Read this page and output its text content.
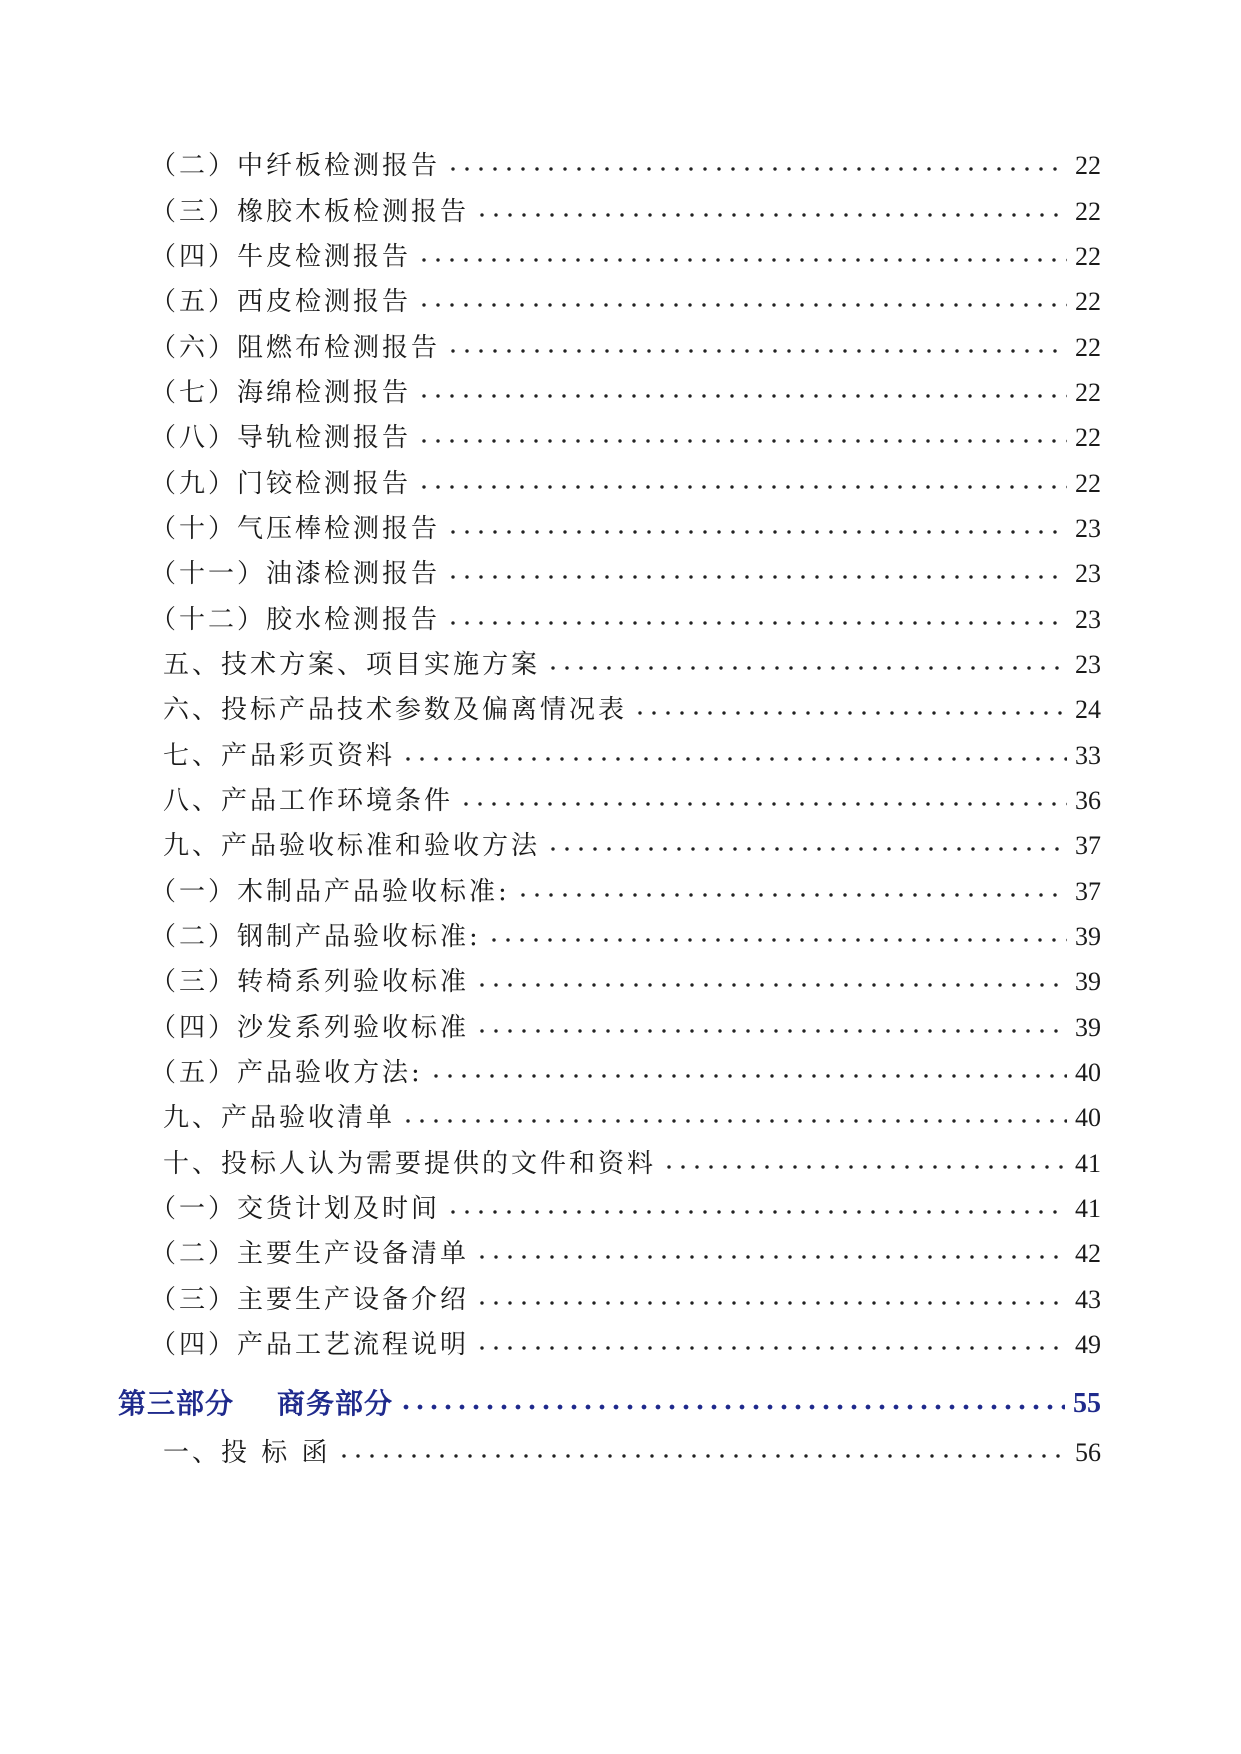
（二）中纤板检测报告	22
（三）橡胶木板检测报告	22
（四）牛皮检测报告	22
（五）西皮检测报告	22
（六）阻燃布检测报告	22
（七）海绵检测报告	22
（八）导轨检测报告	22
（九）门铰检测报告	22
（十）气压棒检测报告	23
（十一）油漆检测报告	23
（十二）胶水检测报告	23
五、技术方案、项目实施方案	23
六、投标产品技术参数及偏离情况表	24
七、产品彩页资料	33
八、产品工作环境条件	36
九、产品验收标准和验收方法	37
（一）木制品产品验收标准:	37
（二）钢制产品验收标准:	39
（三）转椅系列验收标准	39
（四）沙发系列验收标准	39
（五）产品验收方法:	40
九、产品验收清单	40
十、投标人认为需要提供的文件和资料	41
（一）交货计划及时间	41
（二）主要生产设备清单	42
（三）主要生产设备介绍	43
（四）产品工艺流程说明	49
第三部分    商务部分	55
一、投 标 函	56
